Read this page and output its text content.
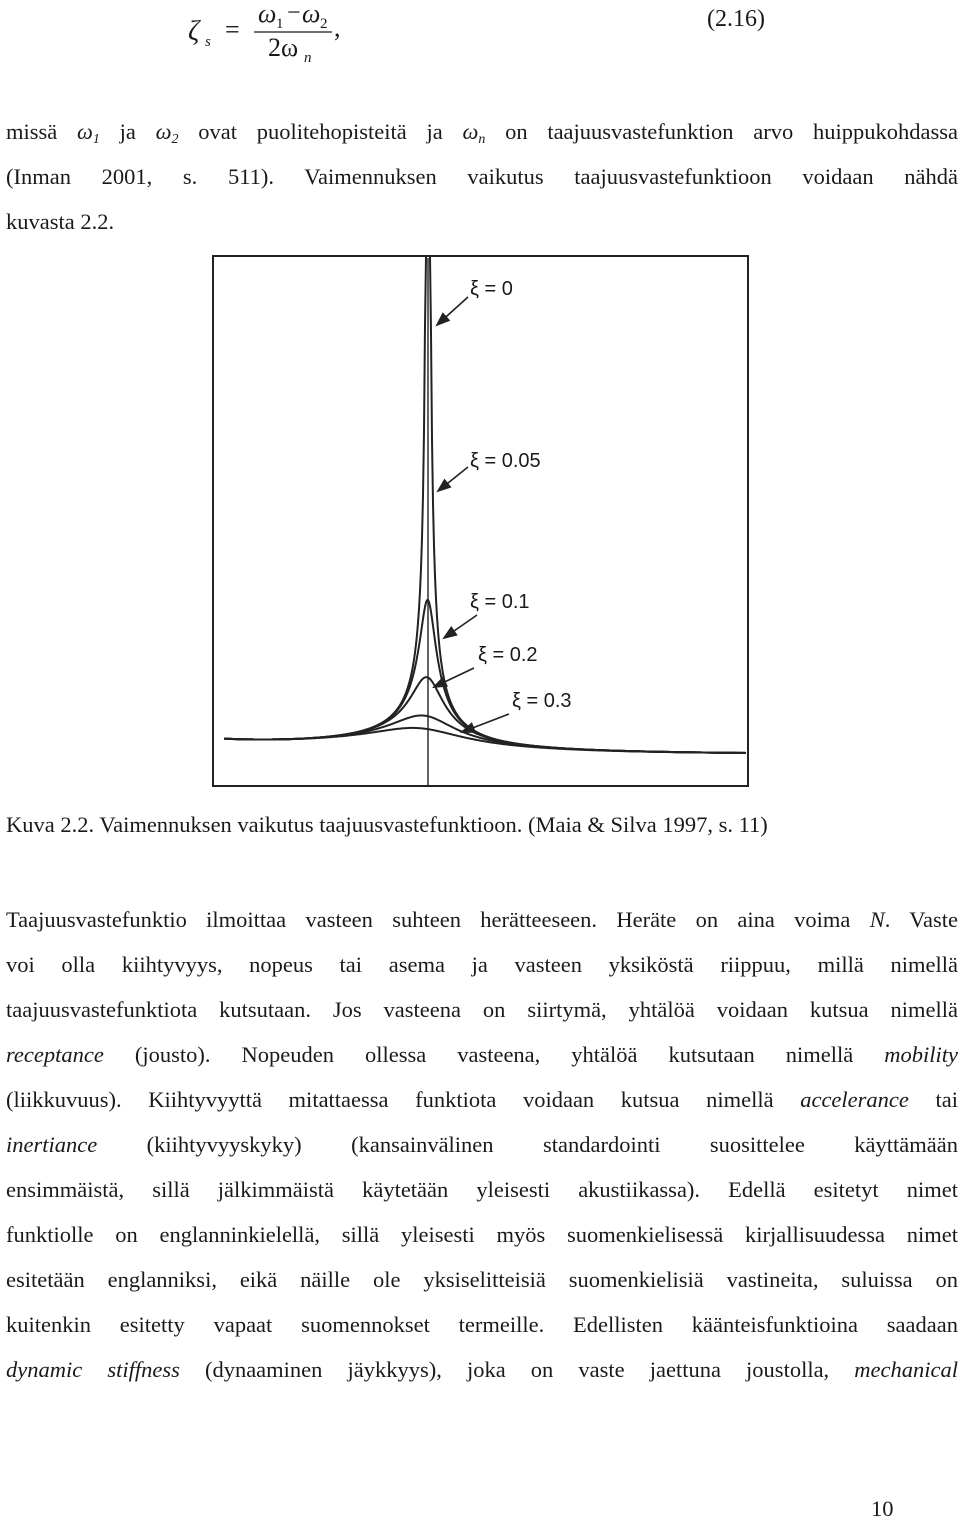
ζ s =
ω 1 − ω 2
2ω n
,	(2.16)
missä $\omega_1$ ja $\omega_2$ ovat puolitehopisteitä ja $\omega_n$ on taajuusvastefunktion arvo huippukohdassa
(Inman 2001, s. 511). Vaimennuksen vaikutus taajuusvastefunktioon voidaan nähdä
kuvasta 2.2.
ξ = 0
ξ = 0.05
ξ = 0.1
ξ = 0.2
ξ = 0.3
Kuva 2.2. Vaimennuksen vaikutus taajuusvastefunktioon. (Maia & Silva 1997, s. 11)
Taajuusvastefunktio ilmoittaa vasteen suhteen herätteeseen. Heräte on aina voima N. Vaste
voi olla kiihtyvyys, nopeus tai asema ja vasteen yksiköstä riippuu, millä nimellä
taajuusvastefunktiota kutsutaan. Jos vasteena on siirtymä, yhtälöä voidaan kutsua nimellä
receptance (jousto). Nopeuden ollessa vasteena, yhtälöä kutsutaan nimellä mobility
(liikkuvuus). Kiihtyvyyttä mitattaessa funktiota voidaan kutsua nimellä accelerance tai
inertiance (kiihtyvyyskyky) (kansainvälinen standardointi suosittelee käyttämään
ensimmäistä, sillä jälkimmäistä käytetään yleisesti akustiikassa). Edellä esitetyt nimet
funktiolle on englanninkielellä, sillä yleisesti myös suomenkielisessä kirjallisuudessa nimet
esitetään englanniksi, eikä näille ole yksiselitteisiä suomenkielisiä vastineita, suluissa on
kuitenkin esitetty vapaat suomennokset termeille. Edellisten käänteisfunktioina saadaan
dynamic stiffness (dynaaminen jäykkyys), joka on vaste jaettuna joustolla, mechanical
10
